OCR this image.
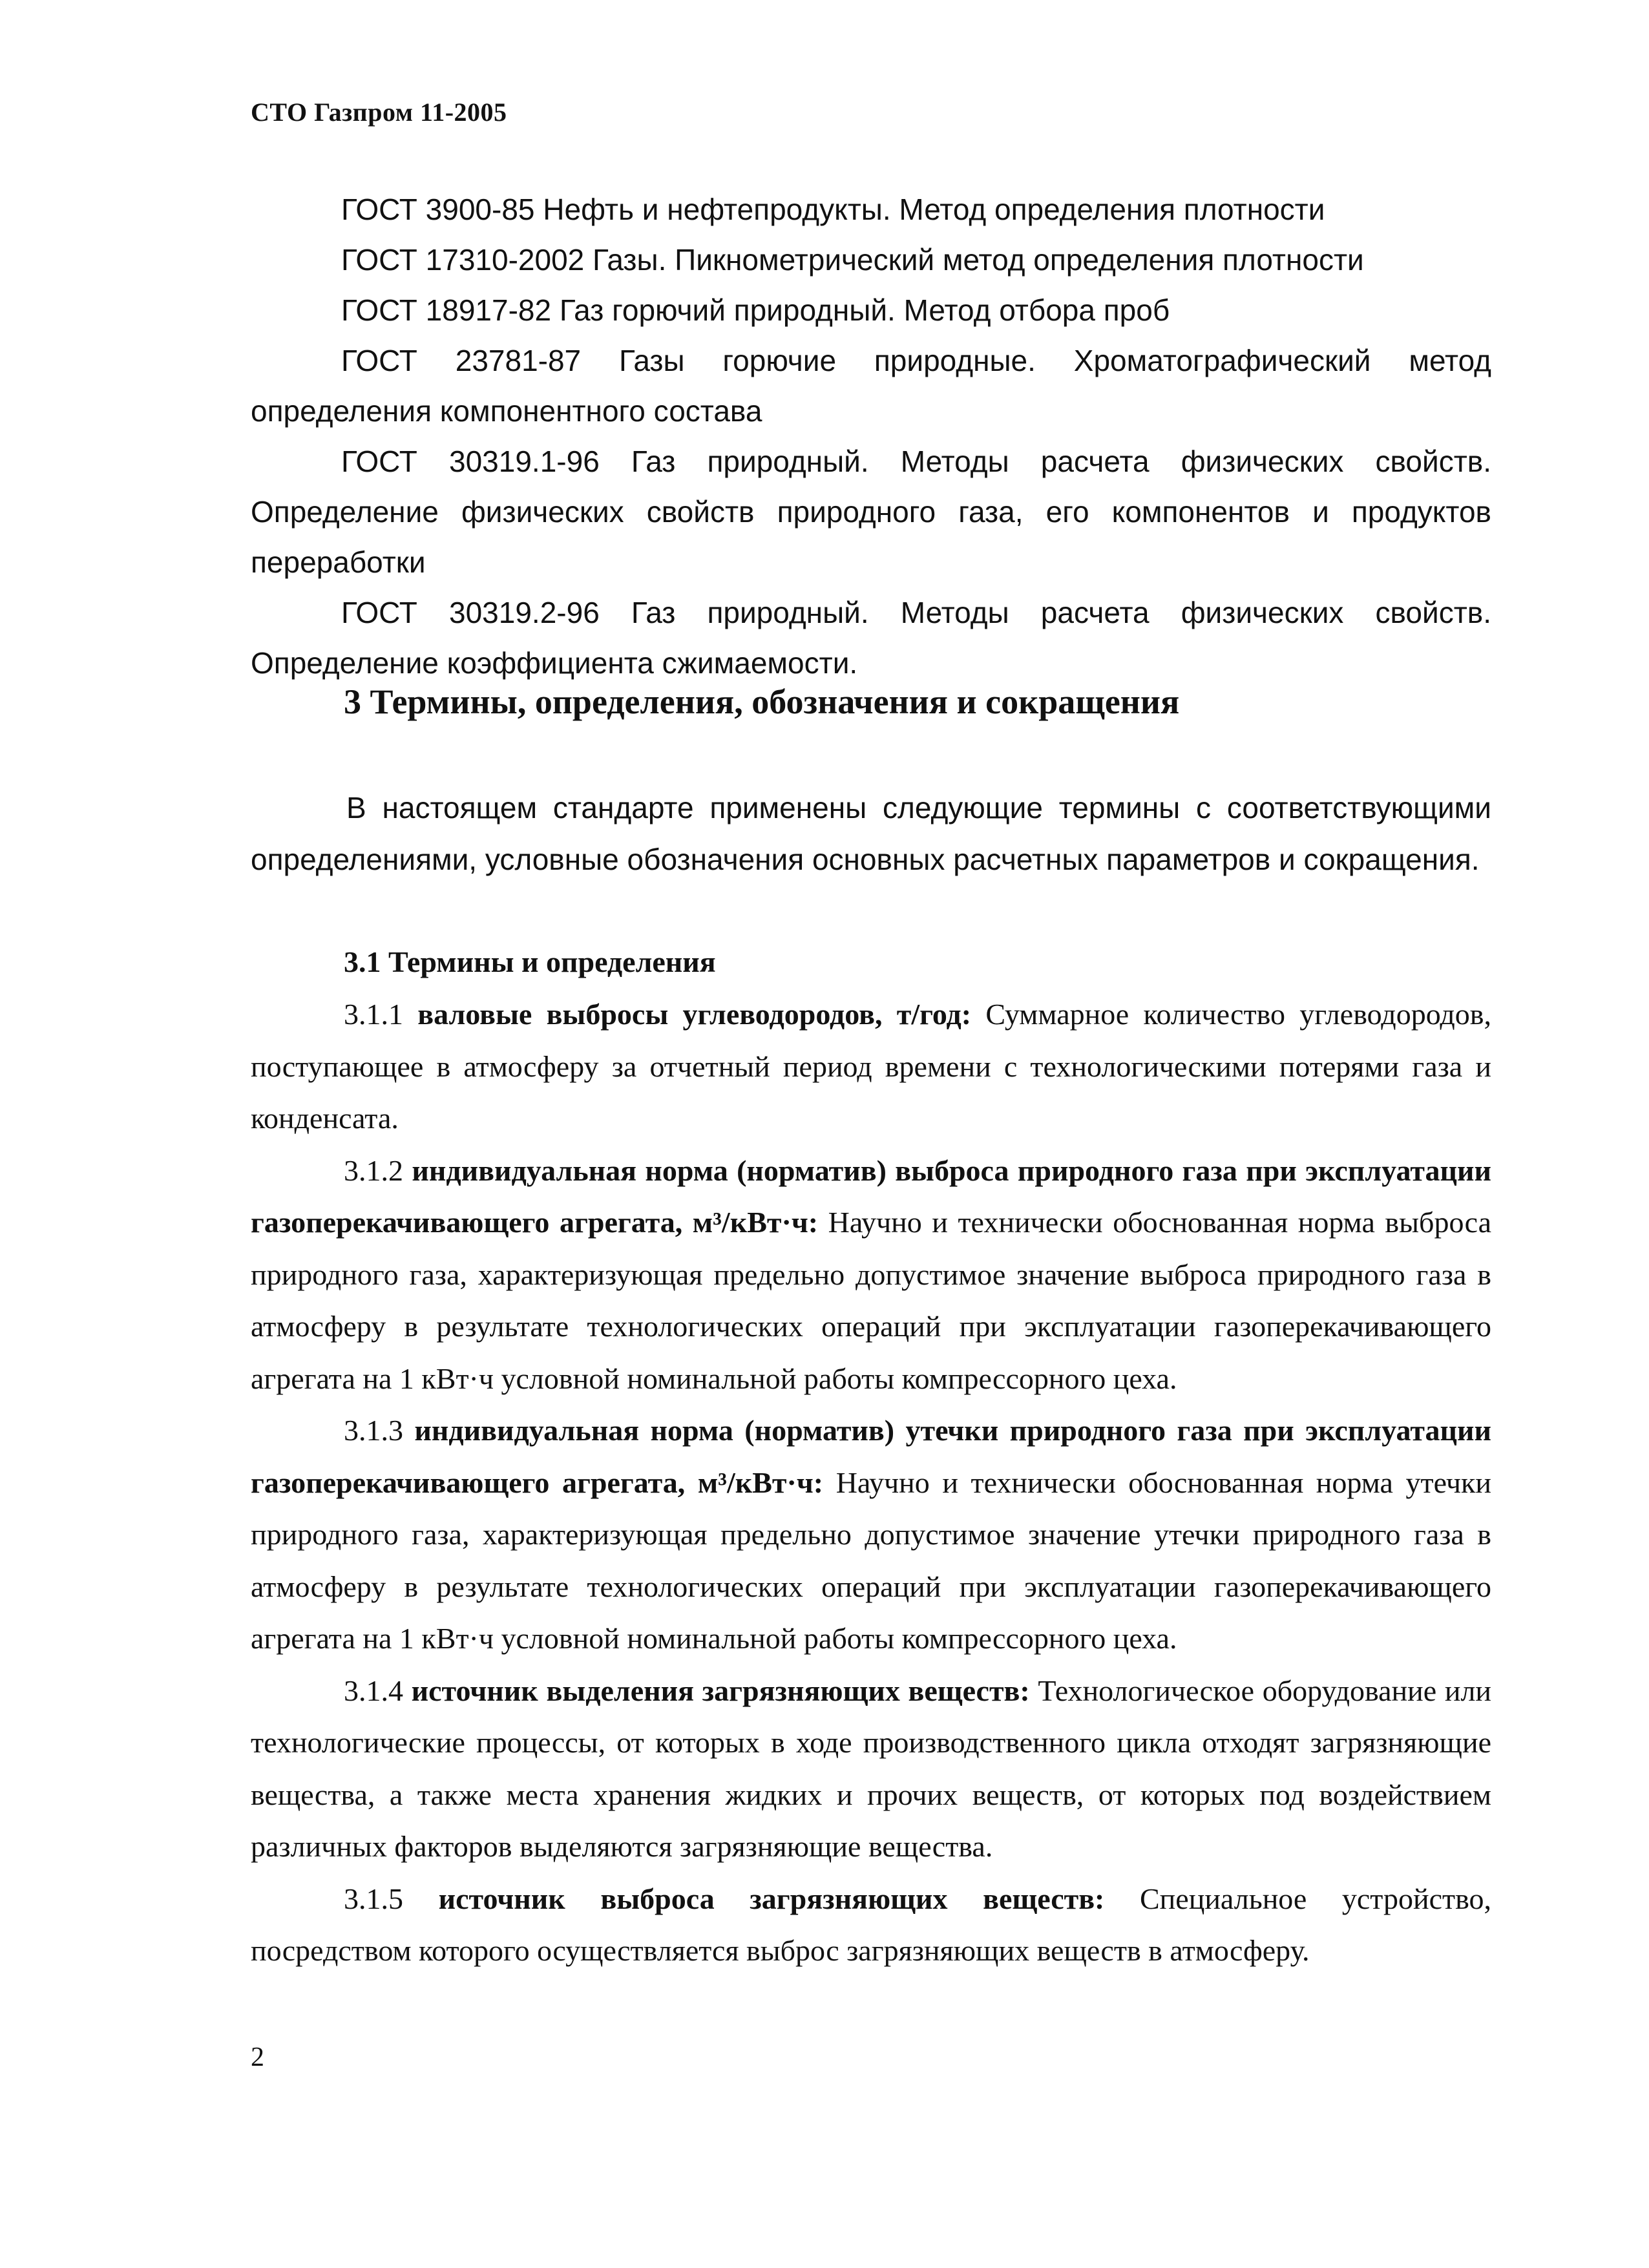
СТО Газпром 11-2005

ГОСТ 3900-85 Нефть и нефтепродукты. Метод определения плотности

ГОСТ 17310-2002 Газы. Пикнометрический метод определения плотности

ГОСТ 18917-82 Газ горючий природный. Метод отбора проб

ГОСТ 23781-87 Газы горючие природные. Хроматографический метод определения компонентного состава

ГОСТ 30319.1-96 Газ природный. Методы расчета физических свойств. Определение физических свойств природного газа, его компонентов и продуктов переработки

ГОСТ 30319.2-96 Газ природный. Методы расчета физических свойств. Определение коэффициента сжимаемости.

3 Термины, определения, обозначения и сокращения

В настоящем стандарте применены следующие термины с соответствующими определениями, условные обозначения основных расчетных параметров и сокращения.

3.1 Термины и определения

3.1.1 валовые выбросы углеводородов, т/год: Суммарное количество углеводородов, поступающее в атмосферу за отчетный период времени с технологическими потерями газа и конденсата.

3.1.2 индивидуальная норма (норматив) выброса природного газа при эксплуатации газоперекачивающего агрегата, м³/кВт·ч: Научно и технически обоснованная норма выброса природного газа, характеризующая предельно допустимое значение выброса природного газа в атмосферу в результате технологических операций при эксплуатации газоперекачивающего агрегата на 1 кВт·ч условной номинальной работы компрессорного цеха.

3.1.3 индивидуальная норма (норматив) утечки природного газа при эксплуатации газоперекачивающего агрегата, м³/кВт·ч: Научно и технически обоснованная норма утечки природного газа, характеризующая предельно допустимое значение утечки природного газа в атмосферу в результате технологических операций при эксплуатации газоперекачивающего агрегата на 1 кВт·ч условной номинальной работы компрессорного цеха.

3.1.4 источник выделения загрязняющих веществ: Технологическое оборудование или технологические процессы, от которых в ходе производственного цикла отходят загрязняющие вещества, а также места хранения жидких и прочих веществ, от которых под воздействием различных факторов выделяются загрязняющие вещества.

3.1.5 источник выброса загрязняющих веществ: Специальное устройство, посредством которого осуществляется выброс загрязняющих веществ в атмосферу.

2
